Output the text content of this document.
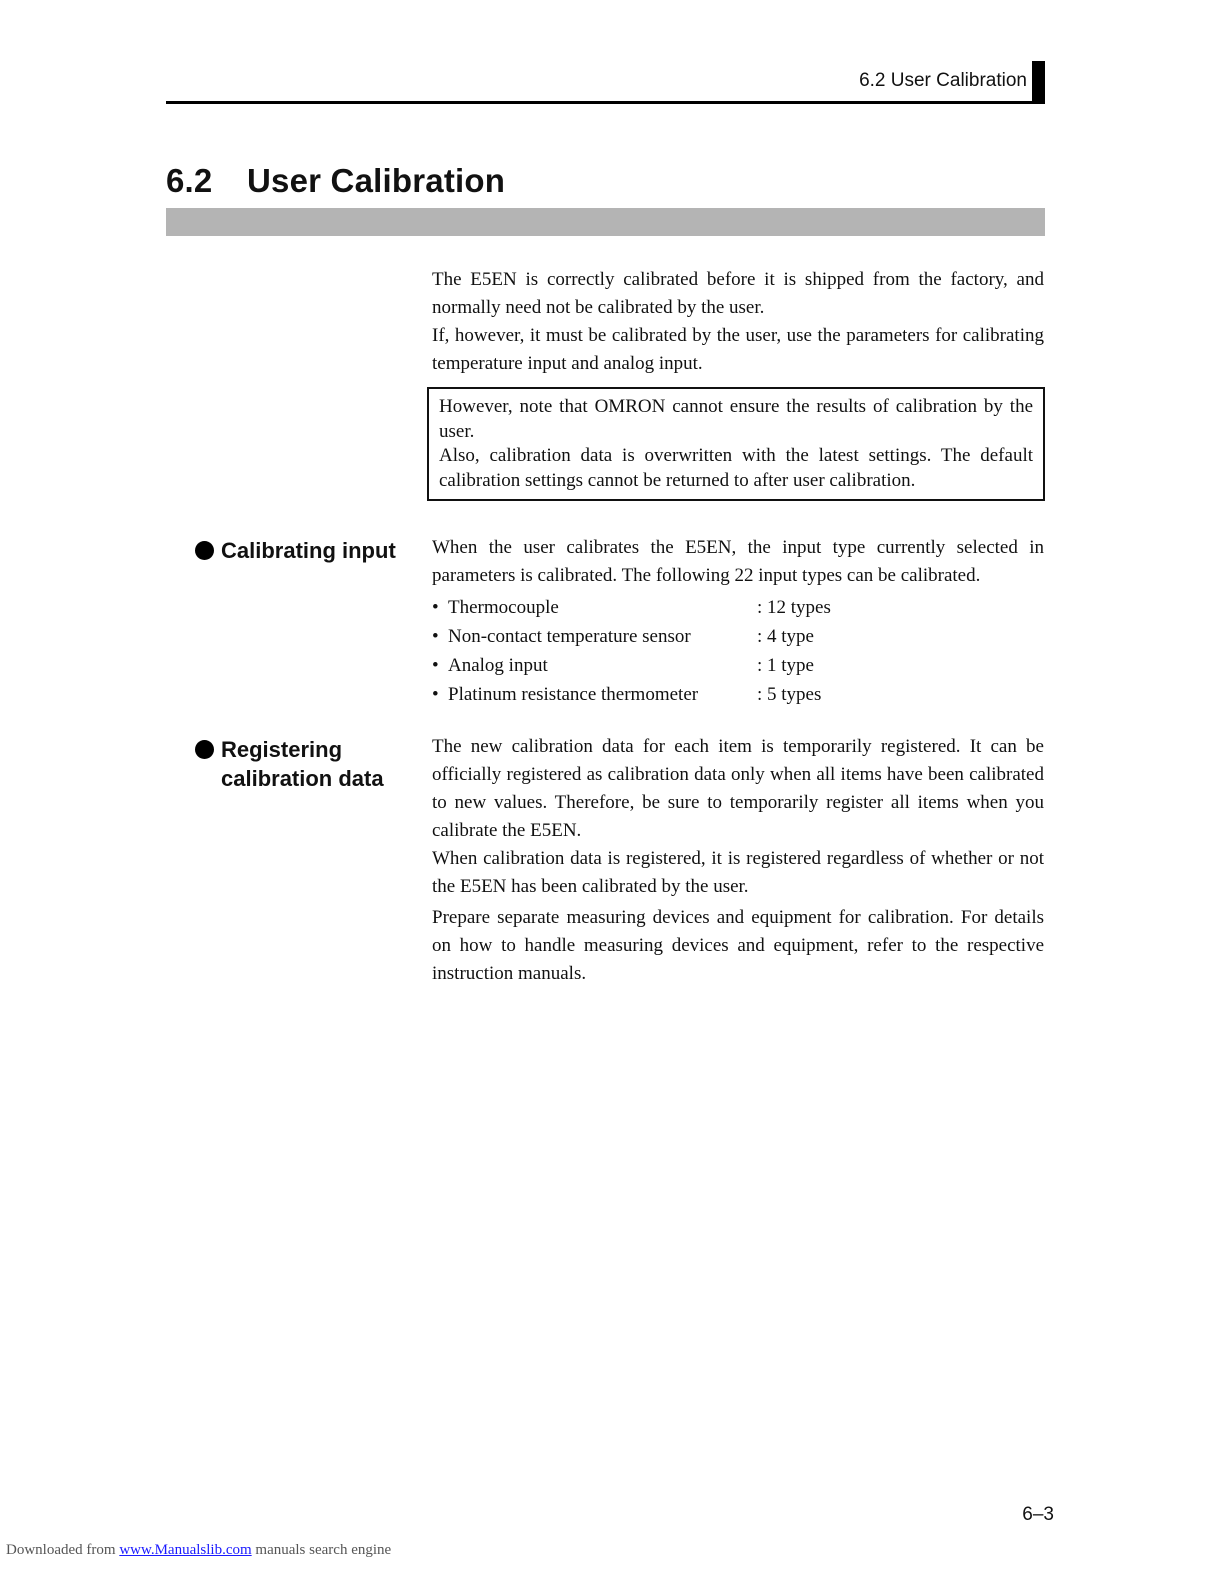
6.2 User Calibration
6.2 User Calibration

The E5EN is correctly calibrated before it is shipped from the factory, and normally need not be calibrated by the user.

If, however, it must be calibrated by the user, use the parameters for calibrating temperature input and analog input.

However, note that OMRON cannot ensure the results of calibration by the user.

Also, calibration data is overwritten with the latest settings. The default calibration settings cannot be returned to after user calibration.

Calibrating input When the user calibrates the E5EN, the input type currently selected in parameters is calibrated. The following 22 input types can be calibrated.

• Thermocouple	: 12 types
• Non-contact temperature sensor	: 4 type
• Analog input	: 1 type
• Platinum resistance thermometer	: 5 types
Registering
calibration data

The new calibration data for each item is temporarily registered. It can be officially registered as calibration data only when all items have been calibrated to new values. Therefore, be sure to temporarily register all items when you calibrate the E5EN.

When calibration data is registered, it is registered regardless of whether or not the E5EN has been calibrated by the user.

Prepare separate measuring devices and equipment for calibration. For details on how to handle measuring devices and equipment, refer to the respective instruction manuals.

6–3
Downloaded from www.Manualslib.com manuals search engine
